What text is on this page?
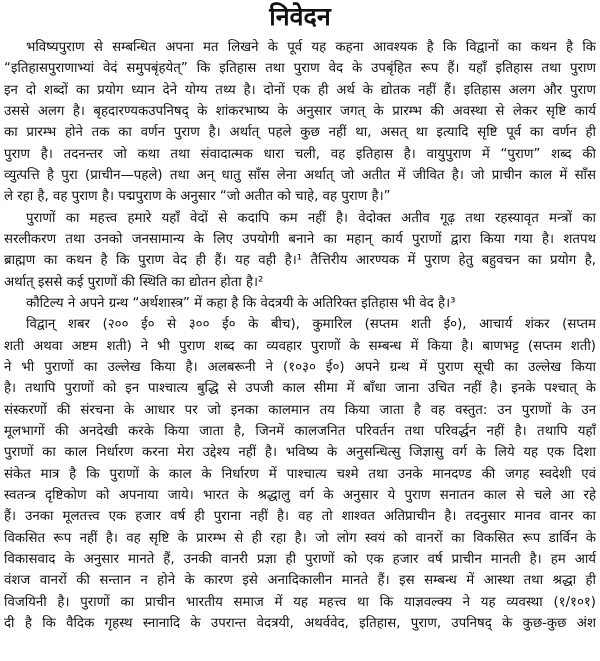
निवेदन
भविष्यपुराण से सम्बन्धित अपना मत लिखने के पूर्व यह कहना आवश्यक है कि विद्वानों का कथन है कि
“इतिहासपुराणाभ्यां वेदं समुपबृंहयेत्” कि इतिहास तथा पुराण वेद के उपबृंहित रूप हैं। यहाँ इतिहास तथा पुराण
इन दो शब्दों का प्रयोग ध्यान देने योग्य तथ्य है। दोनों एक ही अर्थ के द्योतक नहीं हैं। इतिहास अलग और पुराण
उससे अलग है। बृहदारण्यकउपनिषद् के शांकरभाष्य के अनुसार जगत् के प्रारम्भ की अवस्था से लेकर सृष्टि कार्य
का प्रारम्भ होने तक का वर्णन पुराण है। अर्थात् पहले कुछ नहीं था, असत् था इत्यादि सृष्टि पूर्व का वर्णन ही
पुराण है। तदनन्तर जो कथा तथा संवादात्मक धारा चली, वह इतिहास है। वायुपुराण में “पुराण” शब्द की
व्युत्पत्ति है पुरा (प्राचीन—पहले) तथा अन् धातु साँस लेना अर्थात् जो अतीत में जीवित है। जो प्राचीन काल में साँस
ले रहा है, वह पुराण है। पद्मपुराण के अनुसार “जो अतीत को चाहे, वह पुराण है।”
पुराणों का महत्त्व हमारे यहाँ वेदों से कदापि कम नहीं है। वेदोक्त अतीव गूढ़ तथा रहस्यावृत मन्त्रों का
सरलीकरण तथा उनको जनसामान्य के लिए उपयोगी बनाने का महान् कार्य पुराणों द्वारा किया गया है। शतपथ
ब्राह्मण का कथन है कि पुराण वेद ही हैं। यह वही है।¹ तैत्तिरीय आरण्यक में पुराण हेतु बहुवचन का प्रयोग है,
अर्थात् इससे कई पुराणों की स्थिति का द्योतन होता है।²
कौटिल्य ने अपने ग्रन्थ “अर्थशास्त्र” में कहा है कि वेदत्रयी के अतिरिक्त इतिहास भी वेद है।³
विद्वान् शबर (२०० ई० से ३०० ई० के बीच), कुमारिल (सप्तम शती ई०), आचार्य शंकर (सप्तम
शती अथवा अष्टम शती) ने भी पुराण शब्द का व्यवहार पुराणों के सम्बन्ध में किया है। बाणभट्ट (सप्तम शती)
ने भी पुराणों का उल्लेख किया है। अलबरूनी ने (१०३० ई०) अपने ग्रन्थ में पुराण सूची का उल्लेख किया
है। तथापि पुराणों को इन पाश्चात्य बुद्धि से उपजी काल सीमा में बाँधा जाना उचित नहीं है। इनके पश्चात् के
संस्करणों की संरचना के आधार पर जो इनका कालमान तय किया जाता है वह वस्तुत: उन पुराणों के उन
मूलभागों की अनदेखी करके किया जाता है, जिनमें कालजनित परिवर्तन तथा परिवर्द्धन नहीं है। तथापि यहाँ
पुराणों का काल निर्धारण करना मेरा उद्देश्य नहीं है। भविष्य के अनुसन्धित्सु जिज्ञासु वर्ग के लिये यह एक दिशा
संकेत मात्र है कि पुराणों के काल के निर्धारण में पाश्चात्य चश्मे तथा उनके मानदण्ड की जगह स्वदेशी एवं
स्वतन्त्र दृष्टिकोण को अपनाया जाये। भारत के श्रद्धालु वर्ग के अनुसार ये पुराण सनातन काल से चले आ रहे
हैं। उनका मूलतत्त्व एक हजार वर्ष ही पुराना नहीं है। वह तो शाश्वत अतिप्राचीन है। तदनुसार मानव वानर का
विकसित रूप नहीं है। वह सृष्टि के प्रारम्भ से ही रहा है। जो लोग स्वयं को वानरों का विकसित रूप डार्विन के
विकासवाद के अनुसार मानते हैं, उनकी वानरी प्रज्ञा ही पुराणों को एक हजार वर्ष प्राचीन मानती है। हम आर्य
वंशज वानरों की सन्तान न होने के कारण इसे अनादिकालीन मानते हैं। इस सम्बन्ध में आस्था तथा श्रद्धा ही
विजयिनी है। पुराणों का प्राचीन भारतीय समाज में यह महत्त्व था कि याज्ञवल्क्य ने यह व्यवस्था (१/१०१)
दी है कि वैदिक गृहस्थ स्नानादि के उपरान्त वेदत्रयी, अथर्ववेद, इतिहास, पुराण, उपनिषद् के कुछ-कुछ अंश
